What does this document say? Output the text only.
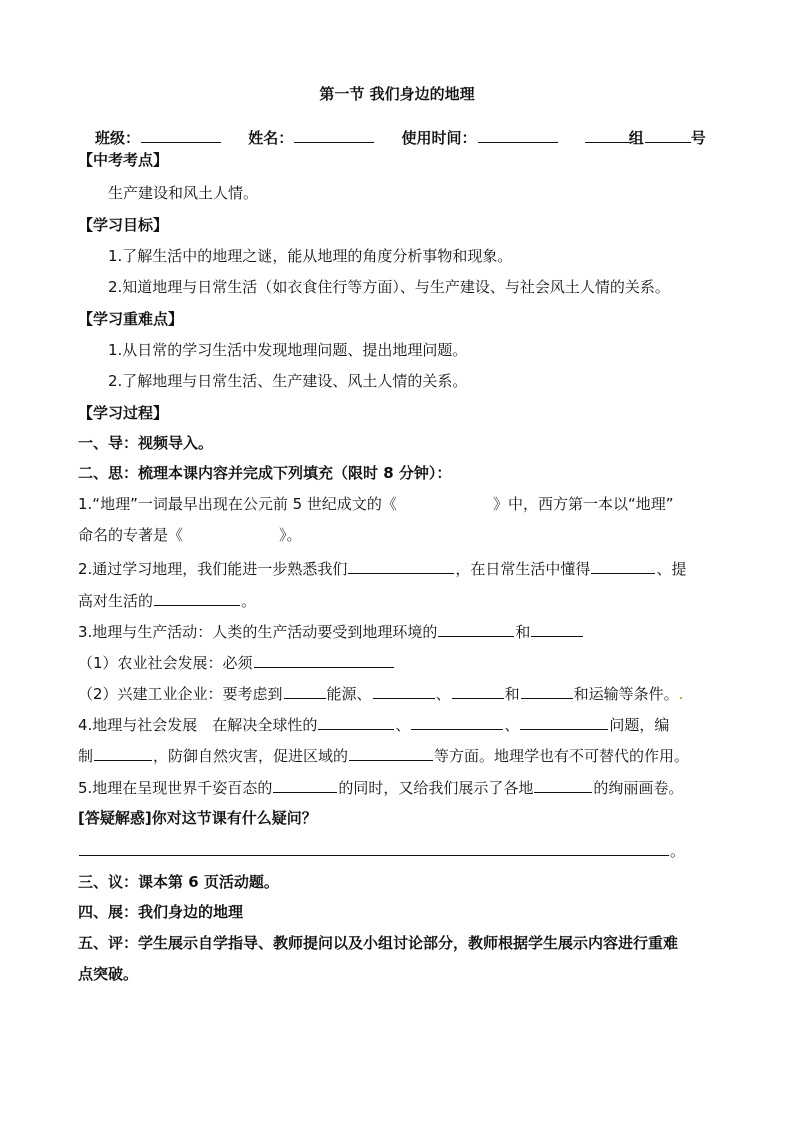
第一节 我们身边的地理
班级：	姓名：	使用时间：	组	号
【中考考点】
生产建设和风土人情。
【学习目标】
1.了解生活中的地理之谜，能从地理的角度分析事物和现象。
2.知道地理与日常生活（如衣食住行等方面）、与生产建设、与社会风土人情的关系。
【学习重难点】
1.从日常的学习生活中发现地理问题、提出地理问题。
2.了解地理与日常生活、生产建设、风土人情的关系。
【学习过程】
一、导：视频导入。
二、思：梳理本课内容并完成下列填充（限时 8 分钟）：
1.“地理”一词最早出现在公元前 5 世纪成文的《	》中，西方第一本以“地理”
命名的专著是《	》。
2.通过学习地理，我们能进一步熟悉我们	，在日常生活中懂得	、提
高对生活的	。
3.地理与生产活动：人类的生产活动要受到地理环境的	和
（1）农业社会发展：必须
（2）兴建工业企业：要考虑到	能源、	、	和	和运输等条件。.
4.地理与社会发展　在解决全球性的	、	、	问题，编
制	，防御自然灾害，促进区域的	等方面。地理学也有不可替代的作用。
5.地理在呈现世界千姿百态的	的同时，又给我们展示了各地	的绚丽画卷。
[答疑解惑]你对这节课有什么疑问？
。
三、议：课本第 6 页活动题。
四、展：我们身边的地理
五、评：学生展示自学指导、教师提问以及小组讨论部分，教师根据学生展示内容进行重难
点突破。
